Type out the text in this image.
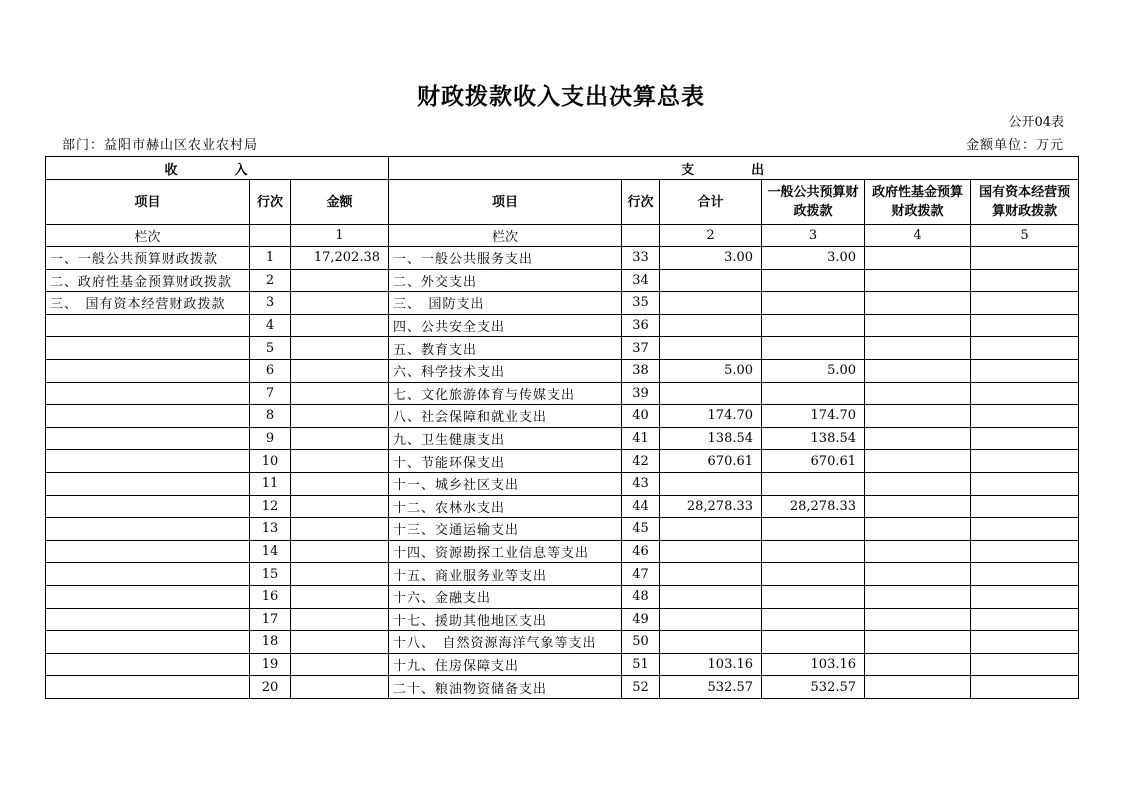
财政拨款收入支出决算总表
公开04表
部门：益阳市赫山区农业农村局	金额单位：万元
收　入			支　出					
项目	行次	金额	项目	行次	合计	一般公共预算财政拨款	政府性基金预算财政拨款	国有资本经营预算财政拨款
栏次		1	栏次		2	3	4	5
一、一般公共预算财政拨款	1	17,202.38	一、一般公共服务支出	33	3.00	3.00		
二、政府性基金预算财政拨款	2		二、外交支出	34				
三、　国有资本经营财政拨款	3		三、　国防支出	35				
	4		四、公共安全支出	36				
	5		五、教育支出	37				
	6		六、科学技术支出	38	5.00	5.00		
	7		七、文化旅游体育与传媒支出	39				
	8		八、社会保障和就业支出	40	174.70	174.70		
	9		九、卫生健康支出	41	138.54	138.54		
	10		十、节能环保支出	42	670.61	670.61		
	11		十一、城乡社区支出	43				
	12		十二、农林水支出	44	28,278.33	28,278.33		
	13		十三、交通运输支出	45				
	14		十四、资源勘探工业信息等支出	46				
	15		十五、商业服务业等支出	47				
	16		十六、金融支出	48				
	17		十七、援助其他地区支出	49				
	18		十八、　自然资源海洋气象等支出	50				
	19		十九、住房保障支出	51	103.16	103.16		
	20		二十、粮油物资储备支出	52	532.57	532.57		
